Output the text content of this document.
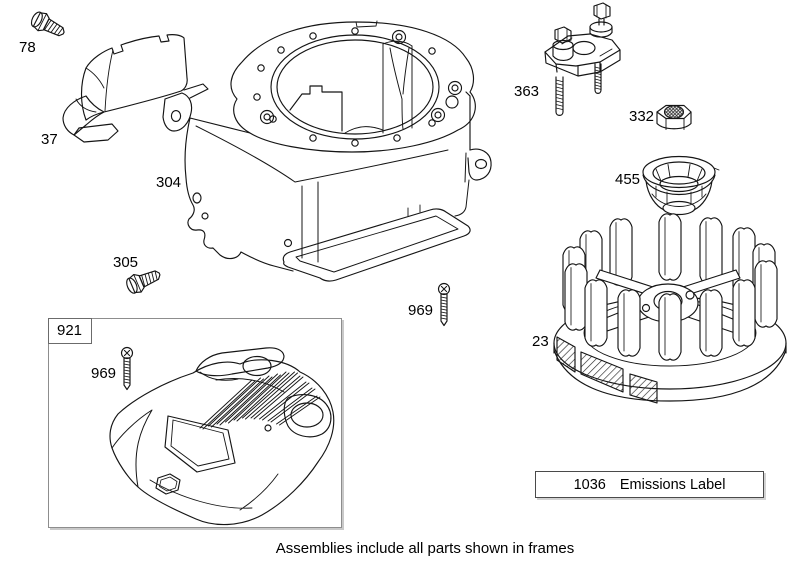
921
78
37
304
305
969
969
363
332
455
23
1036 Emissions Label
Assemblies include all parts shown in frames
